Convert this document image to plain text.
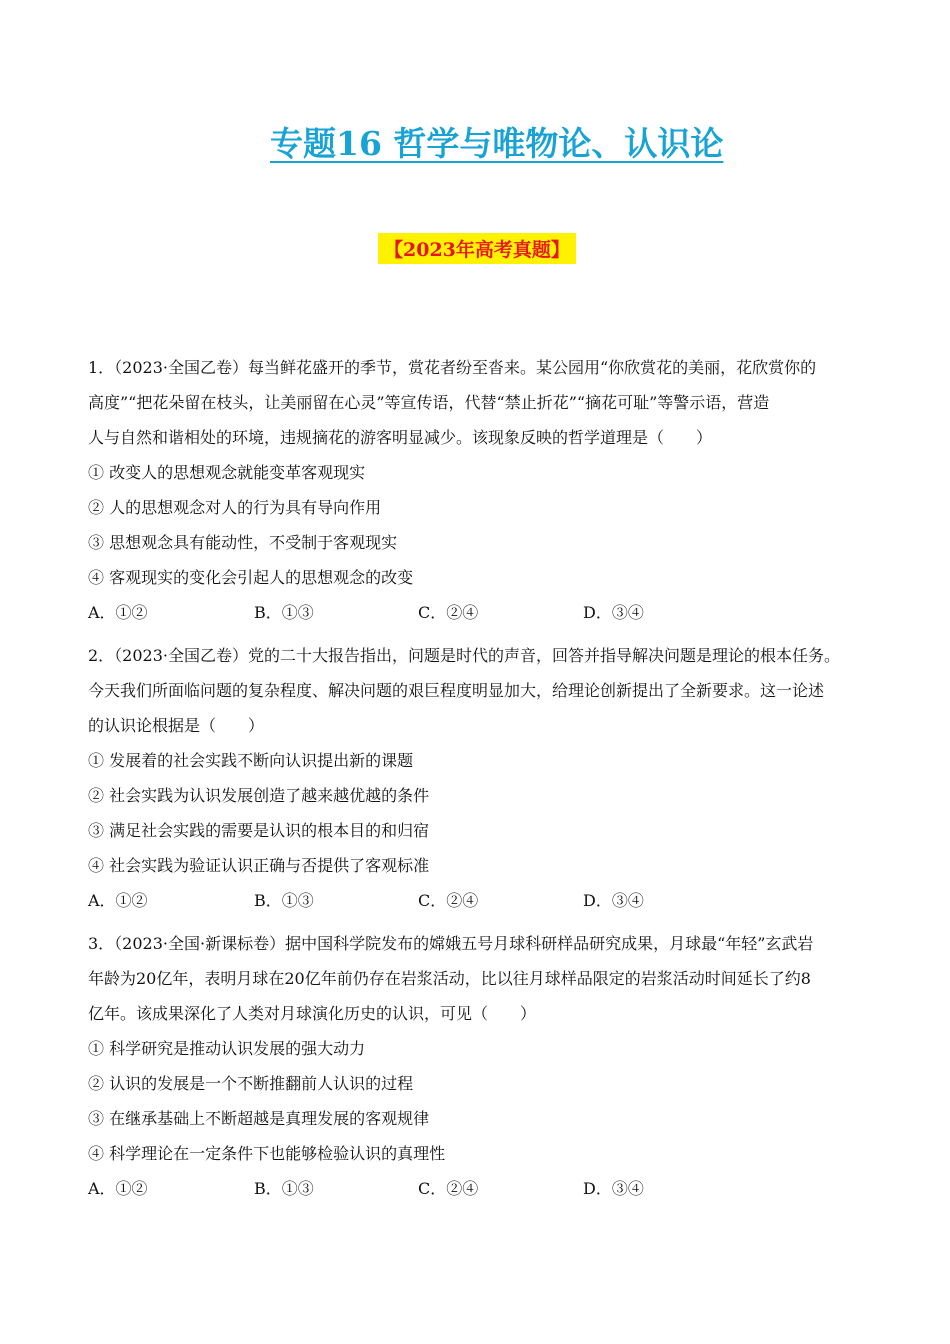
专题16 哲学与唯物论、认识论
【2023年高考真题】

1．（2023·全国乙卷）每当鲜花盛开的季节，赏花者纷至沓来。某公园用“你欣赏花的美丽，花欣赏你的

高度”“把花朵留在枝头，让美丽留在心灵”等宣传语，代替“禁止折花”“摘花可耻”等警示语，营造

人与自然和谐相处的环境，违规摘花的游客明显减少。该现象反映的哲学道理是（　　）

① 改变人的思想观念就能变革客观现实

② 人的思想观念对人的行为具有导向作用

③ 思想观念具有能动性，不受制于客观现实

④ 客观现实的变化会引起人的思想观念的改变

A．①②	B．①③	C．②④	D．③④

2．（2023·全国乙卷）党的二十大报告指出，问题是时代的声音，回答并指导解决问题是理论的根本任务。

今天我们所面临问题的复杂程度、解决问题的艰巨程度明显加大，给理论创新提出了全新要求。这一论述

的认识论根据是（　　）

① 发展着的社会实践不断向认识提出新的课题

② 社会实践为认识发展创造了越来越优越的条件

③ 满足社会实践的需要是认识的根本目的和归宿

④ 社会实践为验证认识正确与否提供了客观标准

A．①②	B．①③	C．②④	D．③④

3．（2023·全国·新课标卷）据中国科学院发布的嫦娥五号月球科研样品研究成果，月球最“年轻”玄武岩

年龄为20亿年，表明月球在20亿年前仍存在岩浆活动，比以往月球样品限定的岩浆活动时间延长了约8

亿年。该成果深化了人类对月球演化历史的认识，可见（　　）

① 科学研究是推动认识发展的强大动力

② 认识的发展是一个不断推翻前人认识的过程

③ 在继承基础上不断超越是真理发展的客观规律

④ 科学理论在一定条件下也能够检验认识的真理性

A．①②	B．①③	C．②④	D．③④
